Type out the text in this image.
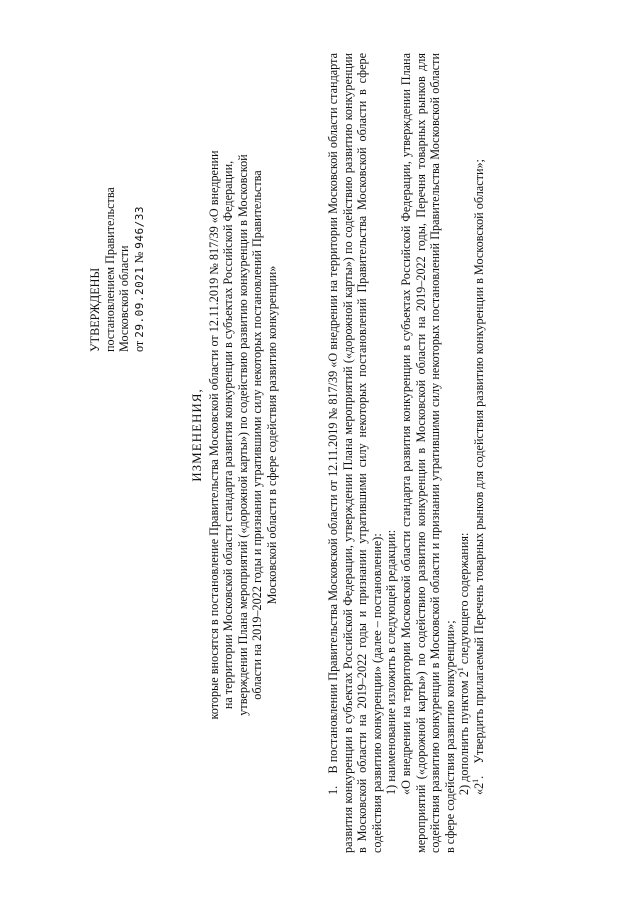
УТВЕРЖДЕНЫ постановлением Правительства Московской области от 29.09.2021 № 946/33
ИЗМЕНЕНИЯ, которые вносятся в постановление Правительства Московской области от 12.11.2019 № 817/39 «О внедрении на территории Московской области стандарта развития конкуренции в субъектах Российской Федерации, утверждении Плана мероприятий («дорожной карты») по содействию развитию конкуренции в Московской области на 2019–2022 годы и признании утратившими силу некоторых постановлений Правительства Московской области в сфере содействия развитию конкуренции»	1.    В постановлении Правительства Московской области от 12.11.2019 № 817/39 «О внедрении на территории Московской области стандарта развития конкуренции в субъектах Российской Федерации, утверждении Плана мероприятий («дорожной карты») по содействию развитию конкуренции в Московской области на 2019–2022 годы и признании утратившими силу некоторых постановлений Правительства Московской области в сфере содействия развитию конкуренции» (далее – постановление): 1) наименование изложить в следующей редакции: «О внедрении на территории Московской области стандарта развития конкуренции в субъектах Российской Федерации, утверждении Плана мероприятий («дорожной карты») по содействию развитию конкуренции в Московской области на 2019–2022 годы, Перечня товарных рынков для содействия развитию конкуренции в Московской области и признании утратившими силу некоторых постановлений Правительства Московской области в сфере содействия развитию конкуренции»; 2) дополнить пунктом $2^1$ следующего содержания:

«$2^1$.    Утвердить прилагаемый Перечень товарных рынков для содействия развитию конкуренции в Московской области»;
